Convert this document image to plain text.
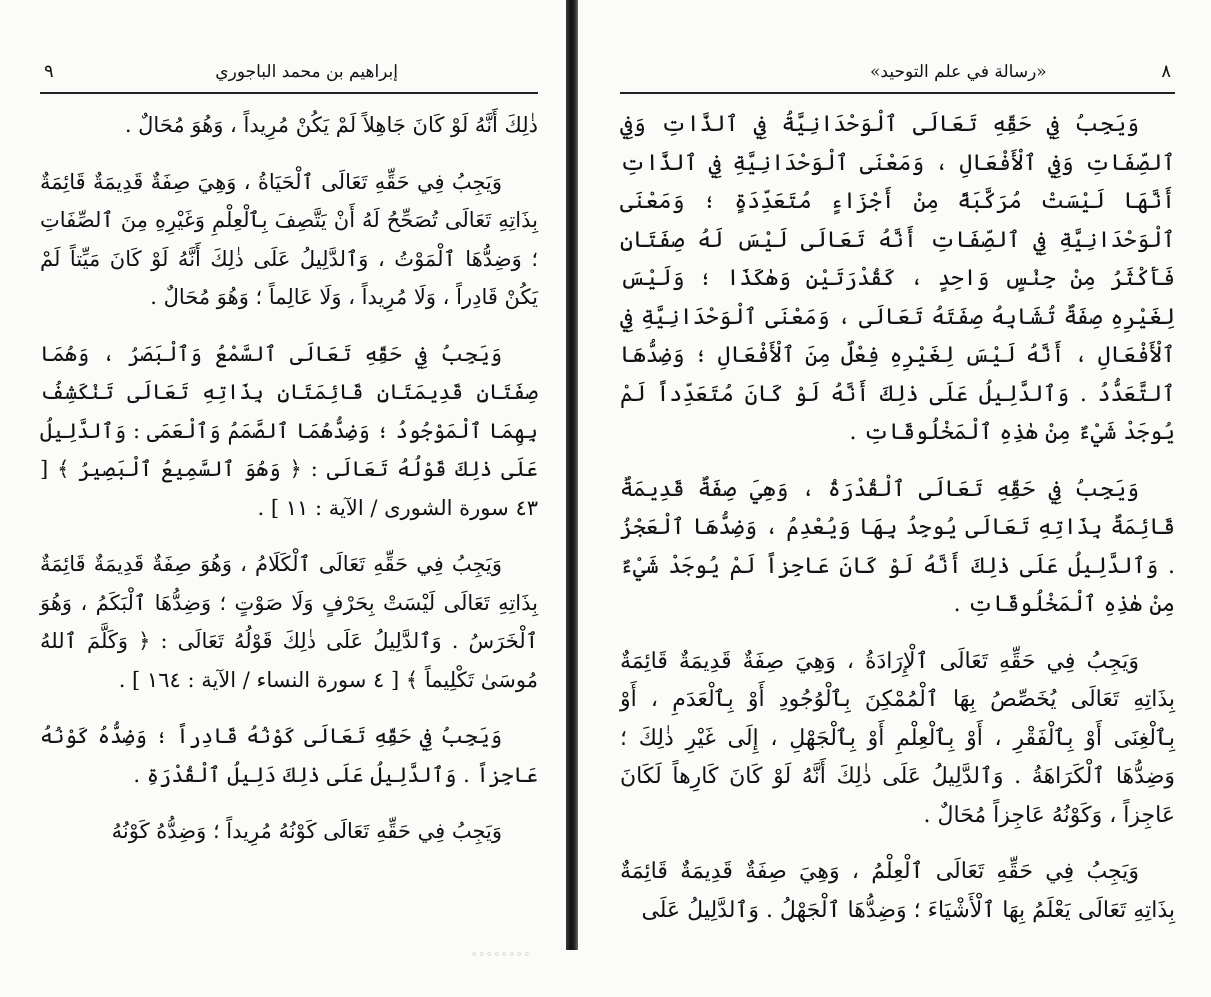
إبراهيم بن محمد الباجوري
٩

ذٰلِكَ أَنَّهُ لَوْ كَانَ جَاهِلاً لَمْ يَكُنْ مُرِيداً ، وَهُوَ مُحَالٌ .

وَيَجِبُ فِي حَقِّهِ تَعَالَى ٱلْحَيَاةُ ، وَهِيَ صِفَةٌ قَدِيمَةٌ قَائِمَةٌ بِذَاتِهِ تَعَالَى تُصَحِّحُ لَهُ أَنْ يَتَّصِفَ بِٱلْعِلْمِ وَغَيْرِهِ مِنَ ٱلصِّفَاتِ ؛ وَضِدُّهَا ٱلْمَوْتُ ، وَٱلدَّلِيلُ عَلَى ذٰلِكَ أَنَّهُ لَوْ كَانَ مَيِّتاً لَمْ يَكُنْ قَادِراً ، وَلَا مُرِيداً ، وَلَا عَالِماً ؛ وَهُوَ مُحَالٌ .

وَيَجِبُ فِي حَقِّهِ تَعَالَى ٱلسَّمْعُ وَٱلْبَصَرُ ، وَهُمَا صِفَتَانِ قَدِيمَتَانِ قَائِمَتَانِ بِذَاتِهِ تَعَالَى تَنْكَشِفُ بِهِمَا ٱلْمَوْجُودُ ؛ وَضِدُّهُمَا ٱلصَّمَمُ وَٱلْعَمَى : وَٱلدَّلِيلُ عَلَى ذٰلِكَ قَوْلُهُ تَعَالَى : ﴿ وَهُوَ ٱلسَّمِيعُ ٱلْبَصِيرُ ﴾ [ ٤٣ سورة الشورى / الآية : ١١ ] .

وَيَجِبُ فِي حَقِّهِ تَعَالَى ٱلْكَلَامُ ، وَهُوَ صِفَةٌ قَدِيمَةٌ قَائِمَةٌ بِذَاتِهِ تَعَالَى لَيْسَتْ بِحَرْفٍ وَلَا صَوْتٍ ؛ وَضِدُّهَا ٱلْبَكَمُ ، وَهُوَ ٱلْخَرَسُ . وَٱلدَّلِيلُ عَلَى ذٰلِكَ قَوْلُهُ تَعَالَى : ﴿ وَكَلَّمَ ٱللهُ مُوسَىٰ تَكْلِيماً ﴾ [ ٤ سورة النساء / الآية : ١٦٤ ] .

وَيَجِبُ فِي حَقِّهِ تَعَالَى كَوْنُهُ قَادِراً ؛ وَضِدُّهُ كَوْنُهُ عَاجِزاً . وَٱلدَّلِيلُ عَلَى ذٰلِكَ دَلِيلُ ٱلْقُدْرَةِ .

وَيَجِبُ فِي حَقِّهِ تَعَالَى كَوْنُهُ مُرِيداً ؛ وَضِدُّهُ كَوْنُهُ

«رسالة في علم التوحيد»	٨

وَيَجِبُ فِي حَقِّهِ تَعَالَى ٱلْوَحْدَانِيَّةُ فِي ٱلذَّاتِ وَفِي ٱلصِّفَاتِ وَفِي ٱلْأَفْعَالِ ، وَمَعْنَى ٱلْوَحْدَانِيَّةِ فِي ٱلذَّاتِ أَنَّهَا لَيْسَتْ مُرَكَّبَةً مِنْ أَجْزَاءٍ مُتَعَدِّدَةٍ ؛ وَمَعْنَى ٱلْوَحْدَانِيَّةِ فِي ٱلصِّفَاتِ أَنَّهُ تَعَالَى لَيْسَ لَهُ صِفَتَانِ فَأَكْثَرُ مِنْ جِنْسٍ وَاحِدٍ ، كَقُدْرَتَيْنِ وَهٰكَذَا ؛ وَلَيْسَ لِغَيْرِهِ صِفَةٌ تُشَابِهُ صِفَتَهُ تَعَالَى ، وَمَعْنَى ٱلْوَحْدَانِيَّةِ فِي ٱلْأَفْعَالِ ، أَنَّهُ لَيْسَ لِغَيْرِهِ فِعْلٌ مِنَ ٱلْأَفْعَالِ ؛ وَضِدُّهَا ٱلتَّعَدُّدُ . وَٱلدَّلِيلُ عَلَى ذٰلِكَ أَنَّهُ لَوْ كَانَ مُتَعَدِّداً لَمْ يُوجَدْ شَيْءٌ مِنْ هٰذِهِ ٱلْمَخْلُوقَاتِ .

وَيَجِبُ فِي حَقِّهِ تَعَالَى ٱلْقُدْرَةُ ، وَهِيَ صِفَةٌ قَدِيمَةٌ قَائِمَةٌ بِذَاتِهِ تَعَالَى يُوجِدُ بِهَا وَيُعْدِمُ ، وَضِدُّهَا ٱلْعَجْزُ . وَٱلدَّلِيلُ عَلَى ذٰلِكَ أَنَّهُ لَوْ كَانَ عَاجِزاً لَمْ يُوجَدْ شَيْءٌ مِنْ هٰذِهِ ٱلْمَخْلُوقَاتِ .

وَيَجِبُ فِي حَقِّهِ تَعَالَى ٱلْإِرَادَةُ ، وَهِيَ صِفَةٌ قَدِيمَةٌ قَائِمَةٌ بِذَاتِهِ تَعَالَى يُخَصِّصُ بِهَا ٱلْمُمْكِنَ بِٱلْوُجُودِ أَوْ بِٱلْعَدَمِ ، أَوْ بِٱلْغِنَى أَوْ بِٱلْفَقْرِ ، أَوْ بِٱلْعِلْمِ أَوْ بِٱلْجَهْلِ ، إِلَى غَيْرِ ذٰلِكَ ؛ وَضِدُّهَا ٱلْكَرَاهَةُ . وَٱلدَّلِيلُ عَلَى ذٰلِكَ أَنَّهُ لَوْ كَانَ كَارِهاً لَكَانَ عَاجِزاً ، وَكَوْنُهُ عَاجِزاً مُحَالٌ .

وَيَجِبُ فِي حَقِّهِ تَعَالَى ٱلْعِلْمُ ، وَهِيَ صِفَةٌ قَدِيمَةٌ قَائِمَةٌ بِذَاتِهِ تَعَالَى يَعْلَمُ بِهَا ٱلْأَشْيَاءَ ؛ وَضِدُّهَا ٱلْجَهْلُ . وَٱلدَّلِيلُ عَلَى

◦◦◦◦◦◦◦◦
